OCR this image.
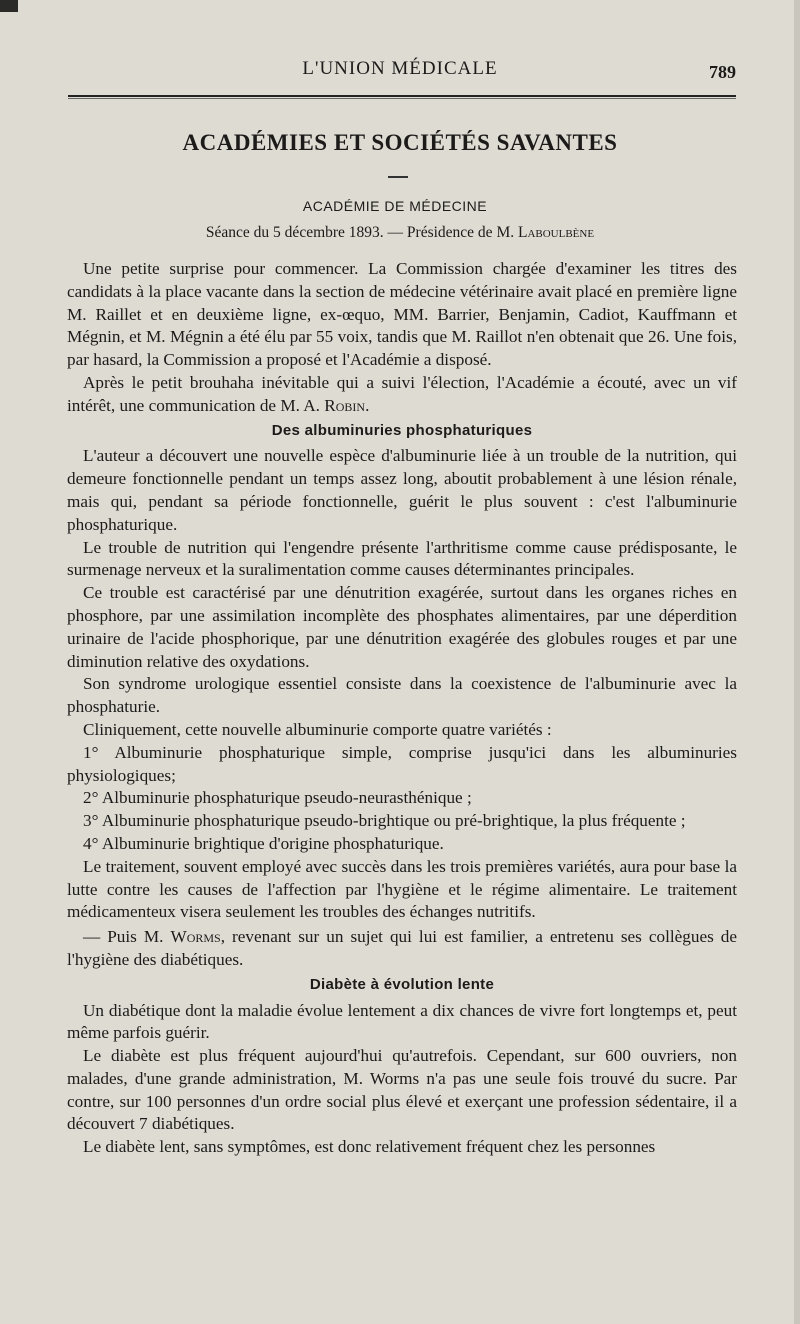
L'UNION MÉDICALE	789
ACADÉMIES ET SOCIÉTÉS SAVANTES
ACADÉMIE DE MÉDECINE
Séance du 5 décembre 1893. — Présidence de M. Laboulbène

Une petite surprise pour commencer. La Commission chargée d'examiner les titres des candidats à la place vacante dans la section de médecine vétérinaire avait placé en première ligne M. Raillet et en deuxième ligne, ex-œquo, MM. Barrier, Benjamin, Cadiot, Kauffmann et Mégnin, et M. Mégnin a été élu par 55 voix, tandis que M. Raillot n'en obtenait que 26. Une fois, par hasard, la Commission a proposé et l'Académie a disposé.

Après le petit brouhaha inévitable qui a suivi l'élection, l'Académie a écouté, avec un vif intérêt, une communication de M. A. Robin.

Des albuminuries phosphaturiques

L'auteur a découvert une nouvelle espèce d'albuminurie liée à un trouble de la nutrition, qui demeure fonctionnelle pendant un temps assez long, aboutit probablement à une lésion rénale, mais qui, pendant sa période fonctionnelle, guérit le plus souvent : c'est l'albuminurie phosphaturique.

Le trouble de nutrition qui l'engendre présente l'arthritisme comme cause prédisposante, le surmenage nerveux et la suralimentation comme causes déterminantes principales.

Ce trouble est caractérisé par une dénutrition exagérée, surtout dans les organes riches en phosphore, par une assimilation incomplète des phosphates alimentaires, par une déperdition urinaire de l'acide phosphorique, par une dénutrition exagérée des globules rouges et par une diminution relative des oxydations.

Son syndrome urologique essentiel consiste dans la coexistence de l'albuminurie avec la phosphaturie.

Cliniquement, cette nouvelle albuminurie comporte quatre variétés :

1° Albuminurie phosphaturique simple, comprise jusqu'ici dans les albuminuries physiologiques;

2° Albuminurie phosphaturique pseudo-neurasthénique ;

3° Albuminurie phosphaturique pseudo-brightique ou pré-brightique, la plus fréquente ;

4° Albuminurie brightique d'origine phosphaturique.

Le traitement, souvent employé avec succès dans les trois premières variétés, aura pour base la lutte contre les causes de l'affection par l'hygiène et le régime alimentaire. Le traitement médicamenteux visera seulement les troubles des échanges nutritifs.

— Puis M. Worms, revenant sur un sujet qui lui est familier, a entretenu ses collègues de l'hygiène des diabétiques.

Diabète à évolution lente

Un diabétique dont la maladie évolue lentement a dix chances de vivre fort longtemps et, peut même parfois guérir.

Le diabète est plus fréquent aujourd'hui qu'autrefois. Cependant, sur 600 ouvriers, non malades, d'une grande administration, M. Worms n'a pas une seule fois trouvé du sucre. Par contre, sur 100 personnes d'un ordre social plus élevé et exerçant une profession sédentaire, il a découvert 7 diabétiques.

Le diabète lent, sans symptômes, est donc relativement fréquent chez les personnes
